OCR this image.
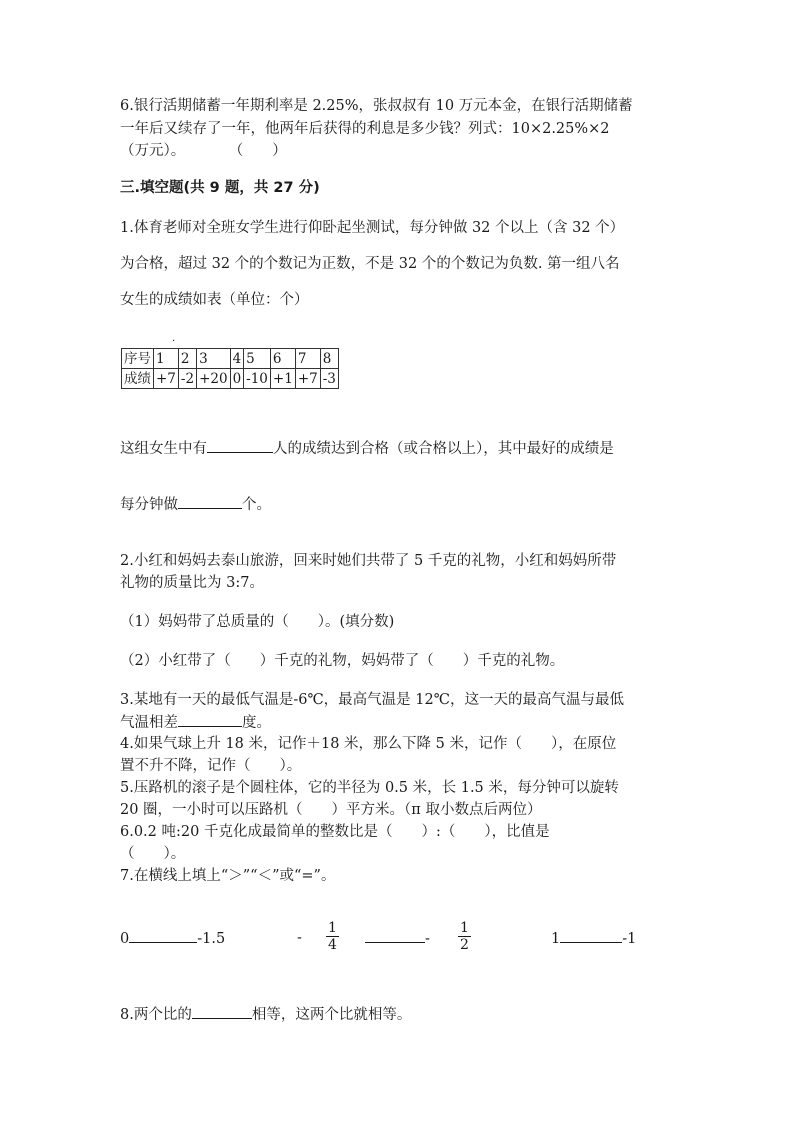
6.银行活期储蓄一年期利率是 2.25%，张叔叔有 10 万元本金，在银行活期储蓄
一年后又续存了一年，他两年后获得的利息是多少钱？列式：10×2.25%×2
（万元）。　　　　（　　）
三.填空题(共 9 题，共 27 分)
1.体育老师对全班女学生进行仰卧起坐测试，每分钟做 32 个以上（含 32 个）
为合格，超过 32 个的个数记为正数，不是 32 个的个数记为负数. 第一组八名
女生的成绩如表（单位：个）
·
序号	1	2	3	4	5	6	7	8
成绩	+7	-2	+20	0	-10	+1	+7	-3
这组女生中有	人的成绩达到合格（或合格以上），其中最好的成绩是
每分钟做	个。
2.小红和妈妈去泰山旅游，回来时她们共带了 5 千克的礼物，小红和妈妈所带
礼物的质量比为 3:7。
（1）妈妈带了总质量的（　　）。(填分数)
（2）小红带了（　　）千克的礼物，妈妈带了（　　）千克的礼物。
3.某地有一天的最低气温是-6℃，最高气温是 12℃，这一天的最高气温与最低
气温相差	度。
4.如果气球上升 18 米，记作＋18 米，那么下降 5 米，记作（　　），在原位
置不升不降，记作（　　）。
5.压路机的滚子是个圆柱体，它的半径为 0.5 米，长 1.5 米，每分钟可以旋转
20 圈，一小时可以压路机（　　）平方米。（π 取小数点后两位）
6.0.2 吨:20 千克化成最简单的整数比是（　　）:（　　），比值是
（　　）。
7.在横线上填上“＞”“＜”或“=”。
0	-1.5	- $\frac{1}{4}$	- $\frac{1}{2}$	1	-1
8.两个比的	相等，这两个比就相等。
